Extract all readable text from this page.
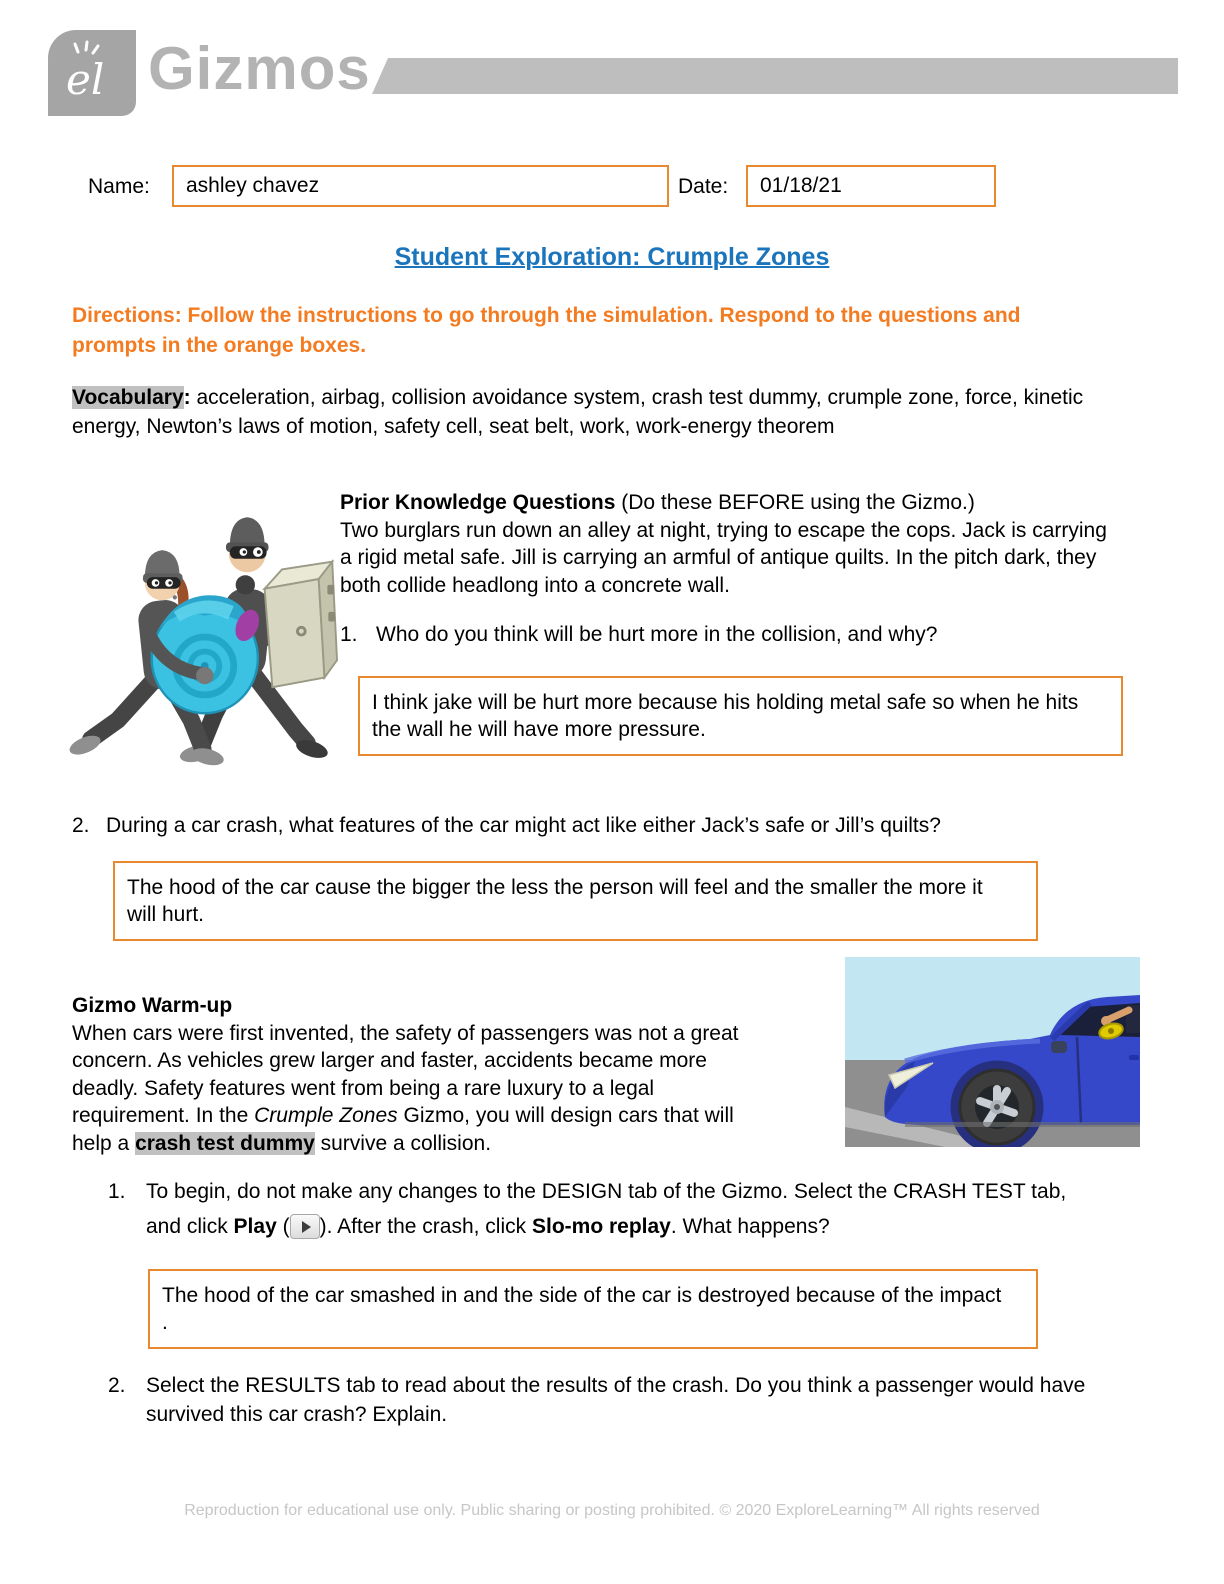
el Gizmos
Name:	ashley chavez	Date:	01/18/21
Student Exploration: Crumple Zones
Directions: Follow the instructions to go through the simulation. Respond to the questions and
prompts in the orange boxes.
Vocabulary: acceleration, airbag, collision avoidance system, crash test dummy, crumple zone, force, kinetic
energy, Newton’s laws of motion, safety cell, seat belt, work, work-energy theorem
Prior Knowledge Questions (Do these BEFORE using the Gizmo.)
Two burglars run down an alley at night, trying to escape the cops. Jack is carrying
a rigid metal safe. Jill is carrying an armful of antique quilts. In the pitch dark, they
both collide headlong into a concrete wall.
1. Who do you think will be hurt more in the collision, and why?
I think jake will be hurt more because his holding metal safe so when he hits
the wall he will have more pressure.
2. During a car crash, what features of the car might act like either Jack’s safe or Jill’s quilts?
The hood of the car cause the bigger the less the person will feel and the smaller the more it
will hurt.
Gizmo Warm-up
When cars were first invented, the safety of passengers was not a great
concern. As vehicles grew larger and faster, accidents became more
deadly. Safety features went from being a rare luxury to a legal
requirement. In the Crumple Zones Gizmo, you will design cars that will
help a crash test dummy survive a collision.
1. To begin, do not make any changes to the DESIGN tab of the Gizmo. Select the CRASH TEST tab,
and click Play ( ). After the crash, click Slo-mo replay. What happens?
The hood of the car smashed in and the side of the car is destroyed because of the impact
.
2. Select the RESULTS tab to read about the results of the crash. Do you think a passenger would have
survived this car crash? Explain.
Reproduction for educational use only. Public sharing or posting prohibited. © 2020 ExploreLearning™ All rights reserved
